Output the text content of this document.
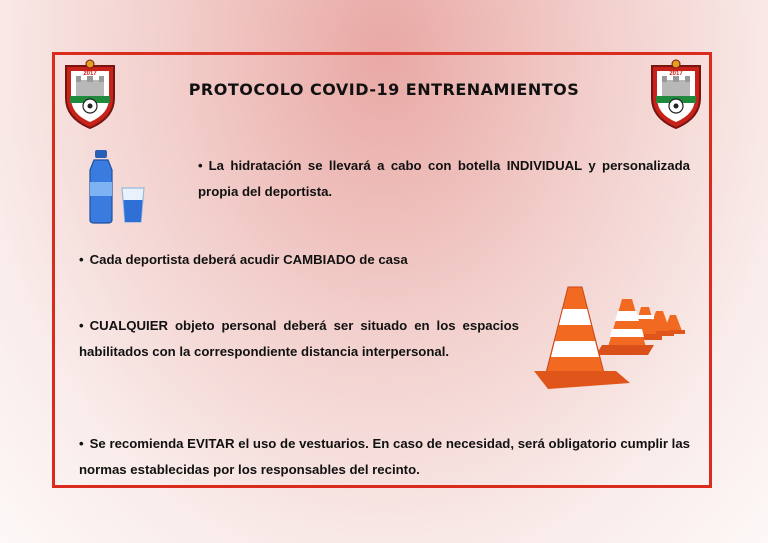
2017	2017
PROTOCOLO COVID-19 ENTRENAMIENTOS
• La hidratación se llevará a cabo con botella INDIVIDUAL y personalizada propia del deportista.
• Cada deportista deberá acudir CAMBIADO de casa
• CUALQUIER objeto personal deberá ser situado en los espacios habilitados con la correspondiente distancia interpersonal.
• Se recomienda EVITAR el uso de vestuarios. En caso de necesidad, será obligatorio cumplir las normas establecidas por los responsables del recinto.
